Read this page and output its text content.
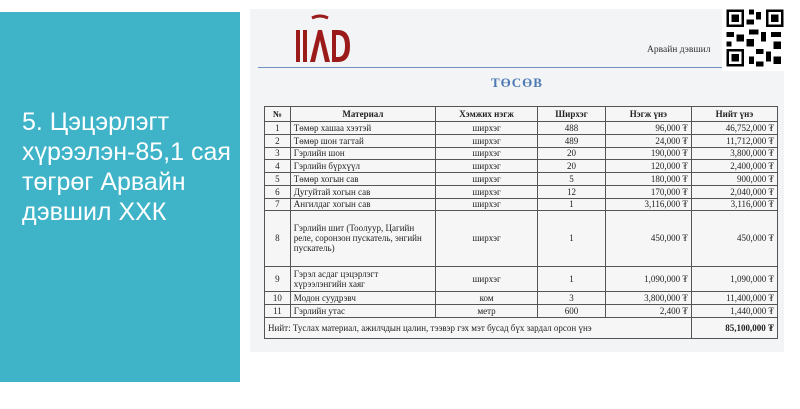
5. Цэцэрлэгт хүрээлэн-85,1 сая төгрөг Арвайн дэвшил ХХК
Арвайн дэвшил
ТӨСӨВ
№	Материал	Хэмжих нэгж	Ширхэг	Нэгж үнэ	Нийт үнэ
1	Төмөр хашаа хээтэй	ширхэг	488	96,000 ₮	46,752,000 ₮
2	Төмөр шон тагтай	ширхэг	489	24,000 ₮	11,712,000 ₮
3	Гэрлийн шон	ширхэг	20	190,000 ₮	3,800,000 ₮
4	Гэрлийн бүрхүүл	ширхэг	20	120,000 ₮	2,400,000 ₮
5	Төмөр хогын сав	ширхэг	5	180,000 ₮	900,000 ₮
6	Дугуйтай хогын сав	ширхэг	12	170,000 ₮	2,040,000 ₮
7	Ангилдаг хогын сав	ширхэг	1	3,116,000 ₮	3,116,000 ₮
8	Гэрлийн шит (Тоолуур, Цагийн реле, соронзон пускатель, энгийн пускатель)	ширхэг	1	450,000 ₮	450,000 ₮
9	Гэрэл асдаг цэцэрлэгт хүрээлэнгийн хаяг	ширхэг	1	1,090,000 ₮	1,090,000 ₮
10	Модон суудрэвч	ком	3	3,800,000 ₮	11,400,000 ₮
11	Гэрлийн утас	метр	600	2,400 ₮	1,440,000 ₮
Нийт: Туслах материал, ажилчдын цалин, тээвэр гэх мэт бусад бүх зардал орсон үнэ					85,100,000 ₮
